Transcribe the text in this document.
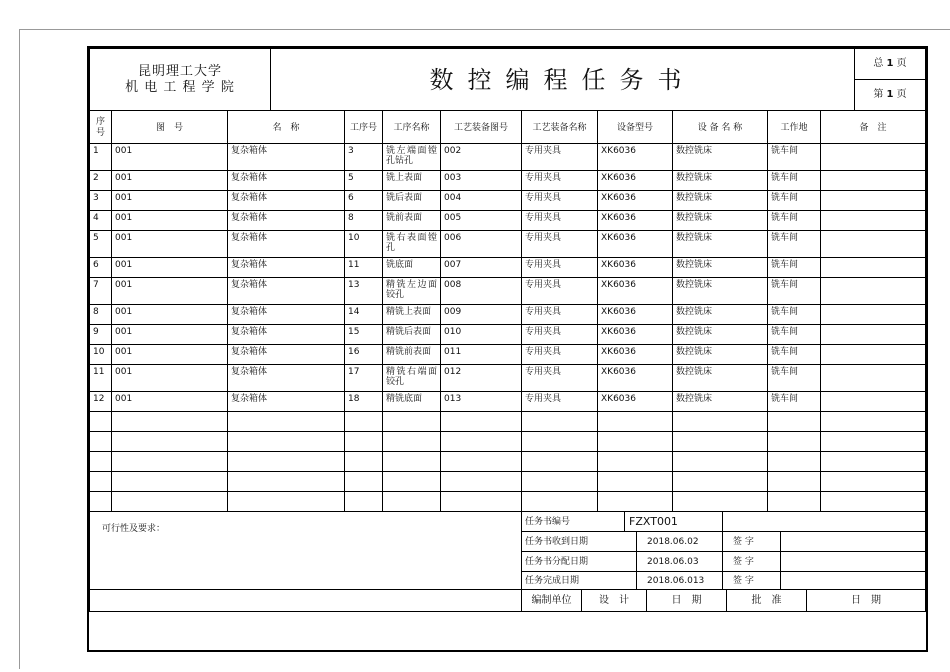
昆明理工大学
机 电 工 程 学 院	数控编程任务书	总 1 页
第 1 页
序号	图　号	名　称	工序号	工序名称	工艺装备图号	工艺装备名称	设备型号	设 备 名 称	工作地	备　注
1	001	复杂箱体	3	铣左端面镗孔钻孔	002	专用夹具	XK6036	数控铣床	铣车间	
2	001	复杂箱体	5	铣上表面	003	专用夹具	XK6036	数控铣床	铣车间	
3	001	复杂箱体	6	铣后表面	004	专用夹具	XK6036	数控铣床	铣车间	
4	001	复杂箱体	8	铣前表面	005	专用夹具	XK6036	数控铣床	铣车间	
5	001	复杂箱体	10	铣右表面镗孔	006	专用夹具	XK6036	数控铣床	铣车间	
6	001	复杂箱体	11	铣底面	007	专用夹具	XK6036	数控铣床	铣车间	
7	001	复杂箱体	13	精铣左边面铰孔	008	专用夹具	XK6036	数控铣床	铣车间	
8	001	复杂箱体	14	精铣上表面	009	专用夹具	XK6036	数控铣床	铣车间	
9	001	复杂箱体	15	精铣后表面	010	专用夹具	XK6036	数控铣床	铣车间	
10	001	复杂箱体	16	精铣前表面	011	专用夹具	XK6036	数控铣床	铣车间	
11	001	复杂箱体	17	精铣右端面铰孔	012	专用夹具	XK6036	数控铣床	铣车间	
12	001	复杂箱体	18	精铣底面	013	专用夹具	XK6036	数控铣床	铣车间	

可行性及要求：	任务书编号	FZXT001			
	任务书收到日期		2018.06.02	签 字	
	任务书分配日期		2018.06.03	签 字	
	任务完成日期		2018.06.013	签 字	
	编制单位	设　计	日　期	批　准	日　期
